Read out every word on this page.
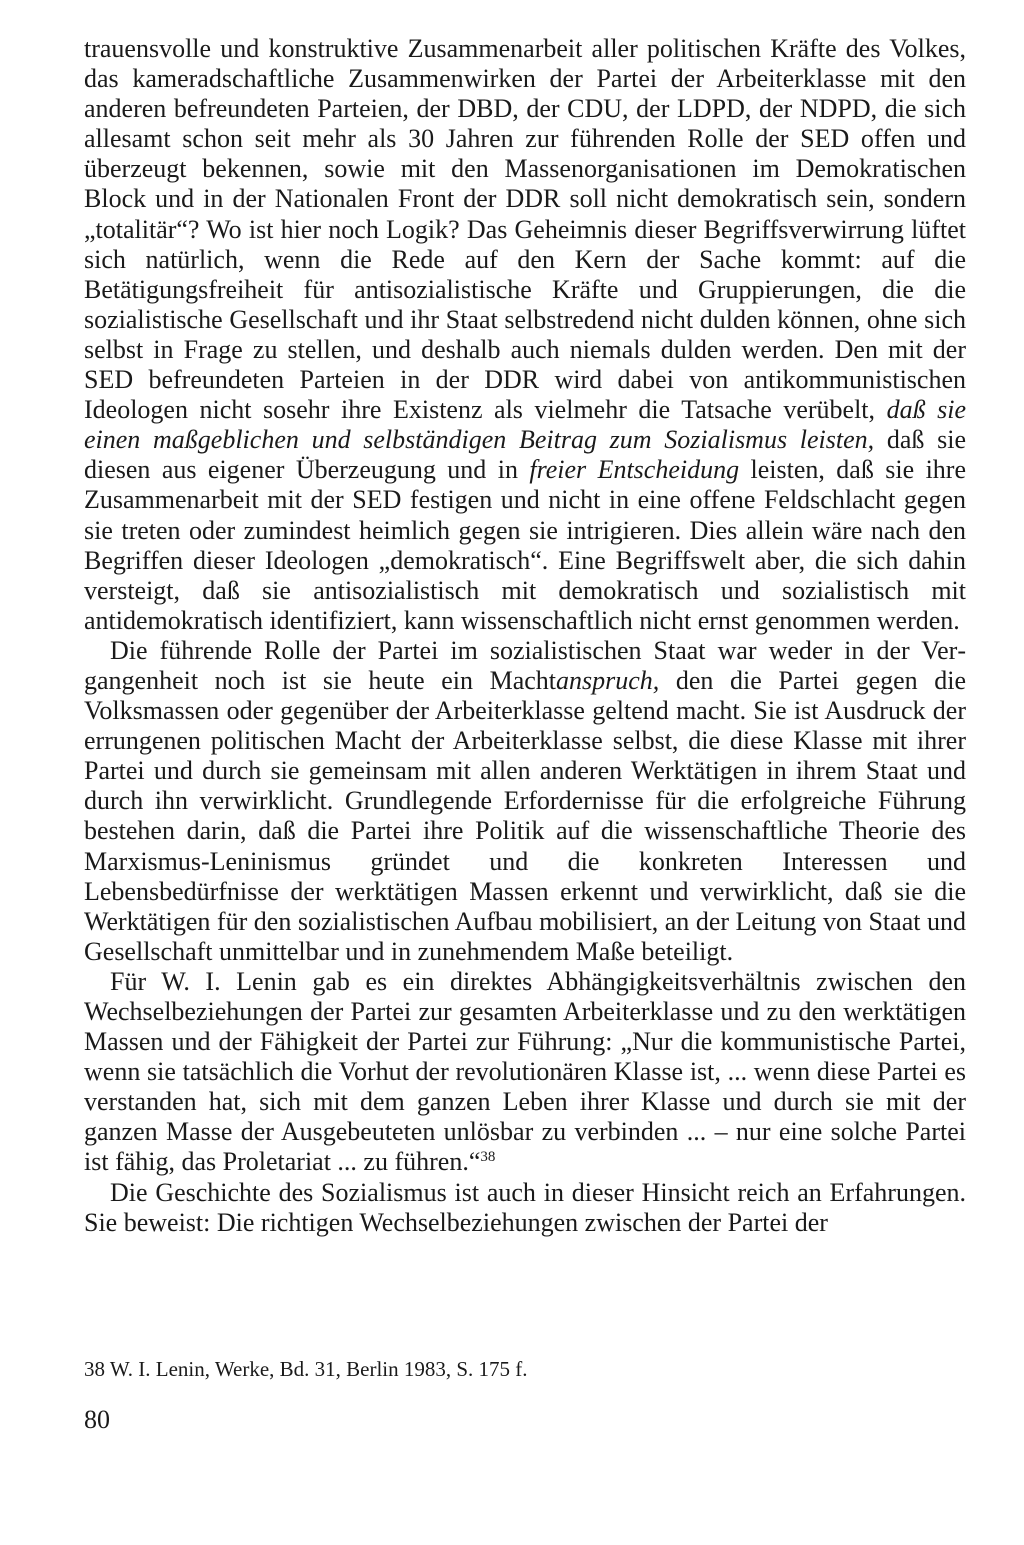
trauensvolle und konstruktive Zusammenarbeit aller politischen Kräfte des Volkes, das kameradschaftliche Zusammenwirken der Partei der Arbeiterklasse mit den anderen befreundeten Parteien, der DBD, der CDU, der LDPD, der NDPD, die sich allesamt schon seit mehr als 30 Jahren zur führenden Rolle der SED offen und überzeugt bekennen, sowie mit den Massenorganisationen im Demokratischen Block und in der Nationalen Front der DDR soll nicht demokratisch sein, sondern „totalitär“? Wo ist hier noch Logik? Das Geheimnis dieser Begriffsverwirrung lüftet sich natürlich, wenn die Rede auf den Kern der Sache kommt: auf die Betätigungsfreiheit für antisozialistische Kräfte und Gruppierungen, die die sozialistische Gesellschaft und ihr Staat selbstredend nicht dulden können, ohne sich selbst in Frage zu stellen, und deshalb auch niemals dulden werden. Den mit der SED befreundeten Parteien in der DDR wird dabei von antikommunistischen Ideologen nicht sosehr ihre Existenz als vielmehr die Tatsache verübelt, daß sie einen maßgeblichen und selbständigen Beitrag zum Sozialismus leisten, daß sie diesen aus eigener Überzeugung und in freier Entscheidung leisten, daß sie ihre Zusammenarbeit mit der SED festigen und nicht in eine offene Feldschlacht gegen sie treten oder zumindest heimlich gegen sie intrigieren. Dies allein wäre nach den Begriffen dieser Ideologen „demokratisch“. Eine Begriffswelt aber, die sich dahin versteigt, daß sie antisozialistisch mit demokratisch und sozialistisch mit antidemokratisch identifiziert, kann wissenschaftlich nicht ernst genommen werden.

Die führende Rolle der Partei im sozialistischen Staat war weder in der Vergangenheit noch ist sie heute ein Machtanspruch, den die Partei gegen die Volksmassen oder gegenüber der Arbeiterklasse geltend macht. Sie ist Ausdruck der errungenen politischen Macht der Arbeiterklasse selbst, die diese Klasse mit ihrer Partei und durch sie gemeinsam mit allen anderen Werktätigen in ihrem Staat und durch ihn verwirklicht. Grundlegende Erfordernisse für die erfolgreiche Führung bestehen darin, daß die Partei ihre Politik auf die wissenschaftliche Theorie des Marxismus-Leninismus gründet und die konkreten Interessen und Lebensbedürfnisse der werktätigen Massen erkennt und verwirklicht, daß sie die Werktätigen für den sozialistischen Aufbau mobilisiert, an der Leitung von Staat und Gesellschaft unmittelbar und in zunehmendem Maße beteiligt.

Für W. I. Lenin gab es ein direktes Abhängigkeitsverhältnis zwischen den Wechselbeziehungen der Partei zur gesamten Arbeiterklasse und zu den werktätigen Massen und der Fähigkeit der Partei zur Führung: „Nur die kommunistische Partei, wenn sie tatsächlich die Vorhut der revolutionären Klasse ist, ... wenn diese Partei es verstanden hat, sich mit dem ganzen Leben ihrer Klasse und durch sie mit der ganzen Masse der Ausgebeuteten unlösbar zu verbinden ... – nur eine solche Partei ist fähig, das Proletariat ... zu führen.“$^{38}$

Die Geschichte des Sozialismus ist auch in dieser Hinsicht reich an Erfahrungen. Sie beweist: Die richtigen Wechselbeziehungen zwischen der Partei der

38 W. I. Lenin, Werke, Bd. 31, Berlin 1983, S. 175 f.

80
